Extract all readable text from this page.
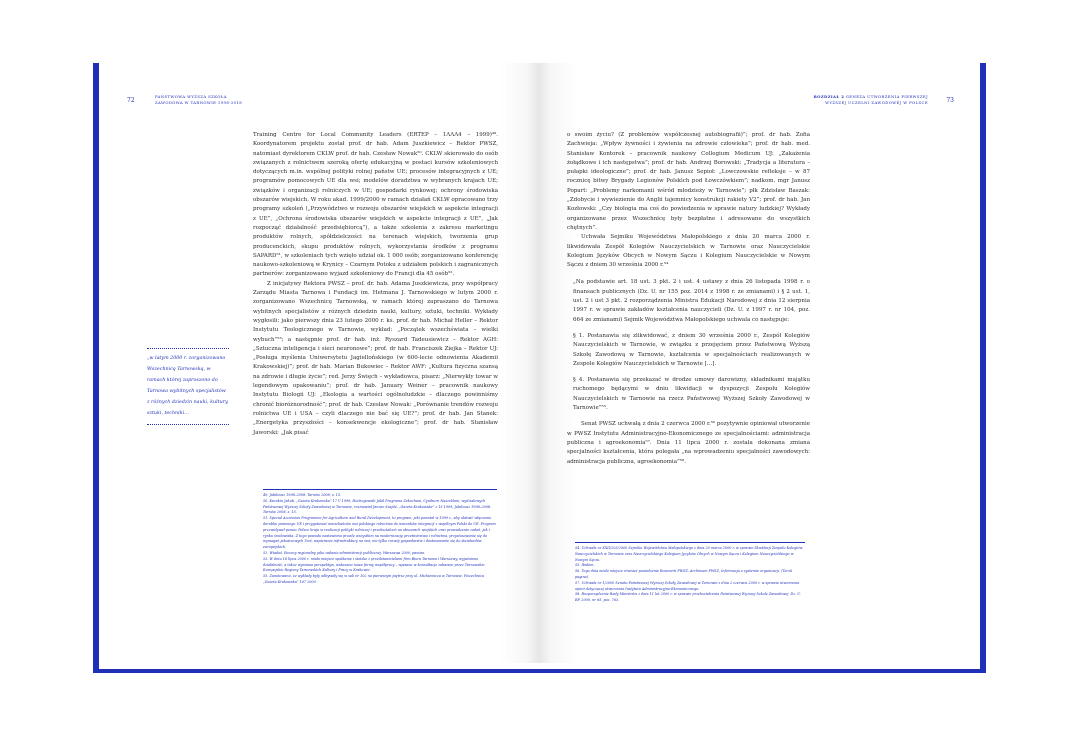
72
PAŃSTWOWA WYŻSZA SZKOŁA
ZAWODOWA W TARNOWIE 1998-2018
„w latym 2000 r. zorganizowano Wszechnicę Tarnowską, w ramach której zaproszono do Tarnowa wybitnych specjalistów z różnych dziedzin nauki, kultury, sztuki, techniki…

Training Centre for Local Community Leaders (ERTEP – 1ΛΛΛ4 – 1999)⁴⁹. Koordynatorem projektu został prof. dr hab. Adam Juszkiewicz – Rektor PWSZ, natomiast dyrektorem CKLW prof. dr hab. Czesław Nowak⁵⁰. CKLW skierowało do osób związanych z rolnictwem szeroką ofertę edukacyjną w postaci kursów szkoleniowych dotyczących m.in. wspólnej polityki rolnej państw UE; procesów integracyjnych z UE; programów pomocowych UE dla wsi; modelów doradztwa w wybranych krajach UE; związków i organizacji rolniczych w UE; gospodarki rynkowej; ochrony środowiska obszarów wiejskich. W roku akad. 1999/2000 w ramach działań CKLW opracowano trzy programy szkoleń („Przywództwo w rozwoju obszarów wiejskich w aspekcie integracji z UE”, „Ochrona środowiska obszarów wiejskich w aspekcie integracji z UE”, „Jak rozpocząć działalność przedsiębiorcą”), a także szkolenia z zakresu marketingu produktów rolnych, spółdzielczości na terenach wiejskich, tworzenia grup producenckich, skupu produktów rolnych, wykorzystania środków z programu SAPARD⁵¹, w szkoleniach tych wzięło udział ok. 1 000 osób; zorganizowano konferencję naukowo-szkoleniową w Krynicy – Czarnym Potoku z udziałem polskich i zagranicznych partnerów: zorganizowano wyjazd szkoleniowy do Francji dla 45 osób⁵².

Z inicjatywy Rektora PWSZ – prof. dr. hab. Adama Juszkiewicza, przy współpracy Zarządu Miasta Tarnowa i Fundacji im. Hetmana J. Tarnowskiego w lutym 2000 r. zorganizowano Wszechnicę Tarnowską, w ramach której zapraszano do Tarnowa wybitnych specjalistów z różnych dziedzin nauki, kultury, sztuki, techniki. Wykłady wygłosili: jako pierwszy dnia 23 lutego 2000 r. ks. prof. dr hab. Michał Heller – Rektor Instytutu Teologicznego w Tarnowie, wykład: „Początek wszechświata – wielki wybuch”⁵³; a następnie prof. dr hab. inż. Ryszard Tadeusiewicz – Rektor AGH: „Sztuczna inteligencja i sieci neuronowe”; prof. dr hab. Franciszek Ziejka – Rektor UJ: „Posługa myślenia Uniwersytetu Jagiellońskiego (w 600-lecie odnowienia Akademii Krakowskiej)”; prof. dr hab. Marian Bukowiec – Rektor AWF: „Kultura fizyczna szansą na zdrowie i długie życie”; red. Jerzy Święch – wykładowca, pisarz: „Nierwykły towar w legendowym opakowaniu”; prof. dr hab. January Weiner – pracownik naukowy Instytutu Biologii UJ: „Ekologia a wartości ogólnoludzkie – dlaczego powinniśmy chronić bioróżnorodność”; prof. dr hab. Czesław Nowak: „Porównanie trendów rozwoju rolnictwa UE i USA – czyli dlaczego nie bać się UE?”; prof. dr hab. Jan Stanek: „Energetyka przyszłości – konsekwencje ekologiczne”; prof. dr hab. Stanisław Jaworski: „Jak pisać

49. Jubileusz 1998–2008. Tarnów 2008, s. 15.

50. Kurakin Jakub, „Gazeta Krakowska” 17 V 1999; Hochegowski Jakil Programa Zakochani, Cyniburn Naszeklam, wydziałowych Państwowej Wyższej Szkoły Zawodowej w Tarnowie, rozmawiał Janusz Szajda, „Gazeta Krakowska” z 15 1999; Jubileusz 1998–2008. Tarnów 2008, s. 15.

51. Special Accession Programme for Agriculture and Rural Development, to program, jaki powstał w 1999 r., aby ułatwić włączenie dorobku prawnego UE i przygotować mieszkańców wsi polskiego rolnictwa do warunków integracji z wspólnym Polski do UE. Program przewidywał pomoc Polsce kraju w realizacji polityki rolniczej i przekształceń na obszarach wiejskich oraz prowadzenie zadań, jak i rynku środowiska. Z tego powodu nastawiono przede wszystkim na modernizację przetwórstwa i rolnictwa, przystosowanie się do wymagań jakościowych Unii, wspieranie infrastruktury na wsi; nie tylko rozwój gospodarstw i dostosowanie się do standardów europejskich.

52. Wiadoś. Roczny regionalny jako zadanie administracji publicznej. Warszawa 2000, passim.

53. W dniu 16 lipca 2000 r. miało miejsce spotkanie i stoisko z przedstawicielami firm Biura Tarnowa i Warszawy, wyjaśniono działalność, a także wymiana perspektyw, wskazano nowe formy współpracy – wpisane w konsultacje zabawne przez Tarnowskie Europejskie Regiony Tarnowskich Kultury i Pracy w Krakowie.

55. Zanotowano, że wykłady były odbywały się w sali nr 102 na pierwszym piętrze przy ul. Mickiewicza w Tarnowie. Wszechnica „Gazeta Krakowska” 167 2000.

73
ROZDZIAŁ 2 GENEZA UTWORZENIA PIERWSZEJ
WYŻSZEJ UCZELNI ZAWODOWEJ W POLSCE

o swoim życiu? (Z problemów współczesnej autobiografii)”; prof. dr hab. Zofia Zachwieja: „Wpływ żywności i żywienia na zdrowie człowieka”; prof. dr hab. med. Stanisław Kontorek – pracownik naukowy Collegium Medicum UJ: „Zakażenia żołądkowe i ich następstwa”; prof. dr hab. Andrzej Borowski: „Tradycja a literatura – pułapki ideologiczne”; prof. dr hab. Janusz Sepioł: „Lowczowskie refleksje – w 87 rocznicę bitwy Brygady Legionów Polskich pod Łowczówkiem”; nadkom. mgr Janusz Popart: „Problemy narkomanii wśród młodzieży w Tarnowie”; płk Zdzisław Baszak: „Zdobycie i wywiezienie do Anglii tajemnicy konstrukcji rakiety V2”; prof. dr hab. Jan Kozłowski: „Czy biologia ma coś do powiedzenia w sprawie natury ludzkiej? Wykłady organizowane przez Wszechnicę były bezpłatne i adresowane do wszystkich chętnych”.

Uchwała Sejmiku Województwa Małopolskiego z dnia 20 marca 2000 r. likwidowała Zespół Kolegiów Nauczycielskich w Tarnowie oraz Nauczycielskie Kolegium Języków Obcych w Nowym Sączu i Kolegium Nauczycielskie w Nowym Sączu z dniem 30 września 2000 r.⁵⁴

„Na podstawie art. 18 ust. 3 pkt. 2 i ust. 4 ustawy z dnia 26 listopada 1998 r. o finansach publicznych (Dz. U. nr 155 poz. 2014 z 1998 r. ze zmianami) i § 2 ust. 1, ust. 2 i ust 3 pkt. 2 rozporządzenia Ministra Edukacji Narodowej z dnia 12 sierpnia 1997 r. w sprawie zakładów kształcenia nauczycieli (Dz. U. z 1997 r. nr 104, poz. 664 ze zmianami) Sejmik Województwa Małopolskiego uchwala co następuje:

§ 1. Postanawia się zlikwidować, z dniem 30 września 2000 r., Zespół Kolegiów Nauczycielskich w Tarnowie, w związku z przejęciem przez Państwową Wyższą Szkołę Zawodową w Tarnowie, kształcenia w specjalnościach realizowanych w Zespole Kolegiów Nauczycielskich w Tarnowie […].

§ 4. Postanawia się przekazać w drodze umowy darowizny, składnikami majątku ruchomego będącymi w dniu likwidacji w dyspozycji Zespołu Kolegiów Nauczycielskich w Tarnowie na rzecz Państwowej Wyższej Szkoły Zawodowej w Tarnowie”⁵⁵.

Senat PWSZ uchwałą z dnia 2 czerwca 2000 r.⁵⁶ pozytywnie opiniował utworzenie w PWSZ Instytutu Administracyjno-Ekonomicznego ze specjalnościami: administracja publiczna i agroekonomia⁵⁷. Dnia 11 lipca 2000 r. została dokonana zmiana specjalności kształcenia, która polegała „na wprowadzeniu specjalności zawodowych: administracja publiczna, agroekonomia”⁵⁸.

54. Uchwała nr XXII/203/2000 Sejmiku Województwa Małopolskiego z dnia 20 marca 2000 r. w sprawie likwidacji Zespołu Kolegiów Nauczycielskich w Tarnowie oraz Nauczycielskiego Kolegium Języków Obcych w Nowym Sączu i Kolegium Nauczycielskiego w Nowym Sączu.

55. Ibidem.

56. Tego dnia miało miejsce również posiedzenie Rosenerii PWSZ. Archiwum PWSZ, Informacja o systemie organizacji. (Teczk pagina).

57. Uchwała nr 1/2000 Senatu Państwowej Wyższej Szkoły Zawodowej w Tarnowie z dnia 2 czerwca 2000 r. w sprawie utworzenia opinii dotyczącej utworzenia Instytutu Administracyjno-Ekonomicznego.

58. Rozporządzenie Rady Ministrów z dnia 11 lut 2000 r. w sprawie przekształcenia Państwowej Wyższej Szkole Zawodowej. Dz. U. RP. 2000, nr 65, poz. 763.
